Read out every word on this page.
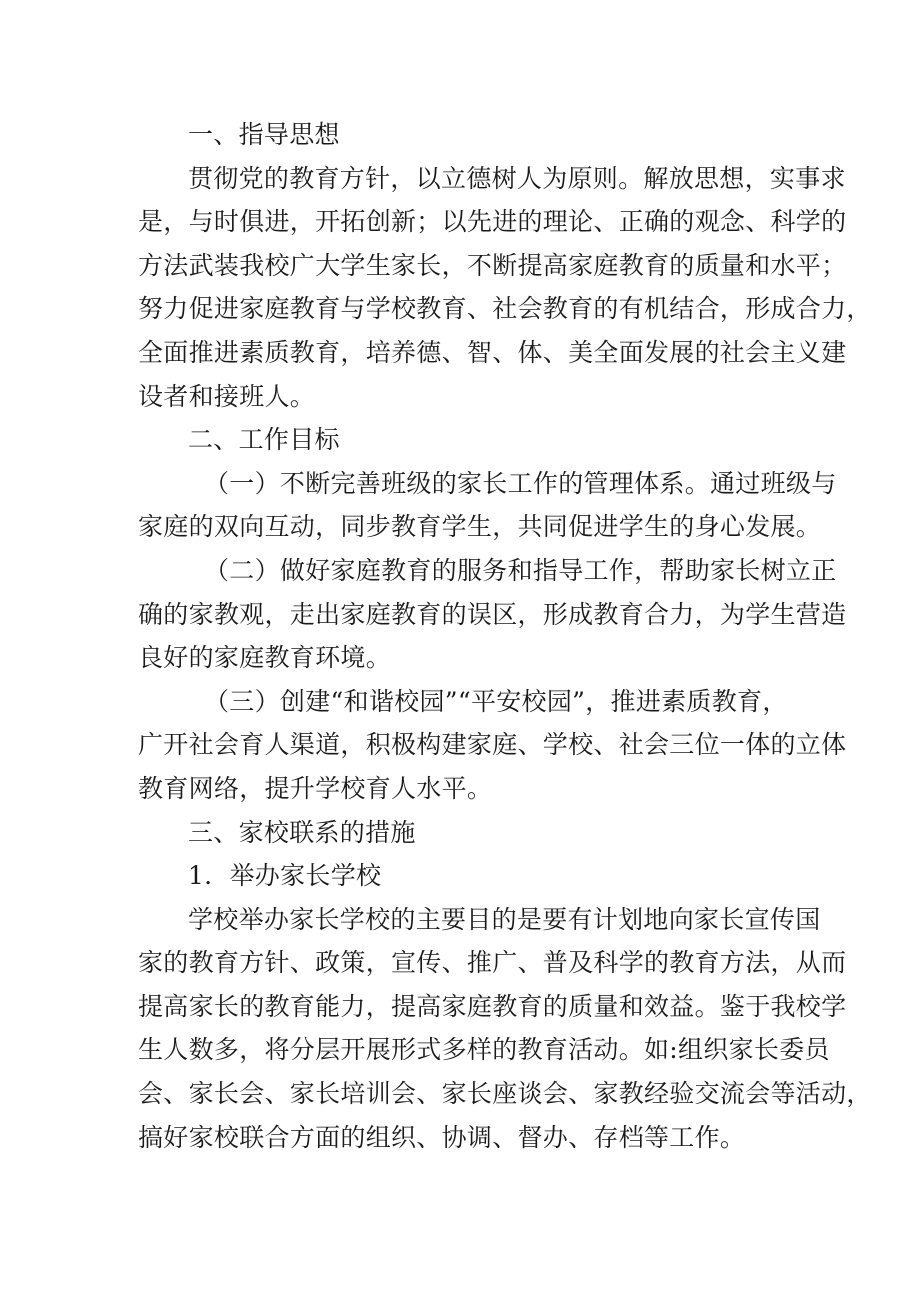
一、指导思想
贯彻党的教育方针，以立德树人为原则。解放思想，实事求
是，与时俱进，开拓创新；以先进的理论、正确的观念、科学的
方法武装我校广大学生家长，不断提高家庭教育的质量和水平；
努力促进家庭教育与学校教育、社会教育的有机结合，形成合力，
全面推进素质教育，培养德、智、体、美全面发展的社会主义建
设者和接班人。
二、工作目标
（一）不断完善班级的家长工作的管理体系。通过班级与
家庭的双向互动，同步教育学生，共同促进学生的身心发展。
（二）做好家庭教育的服务和指导工作，帮助家长树立正
确的家教观，走出家庭教育的误区，形成教育合力，为学生营造
良好的家庭教育环境。
（三）创建“和谐校园”“平安校园”，推进素质教育，
广开社会育人渠道，积极构建家庭、学校、社会三位一体的立体
教育网络，提升学校育人水平。
三、家校联系的措施
1．举办家长学校
学校举办家长学校的主要目的是要有计划地向家长宣传国
家的教育方针、政策，宣传、推广、普及科学的教育方法，从而
提高家长的教育能力，提高家庭教育的质量和效益。鉴于我校学
生人数多，将分层开展形式多样的教育活动。如:组织家长委员
会、家长会、家长培训会、家长座谈会、家教经验交流会等活动，
搞好家校联合方面的组织、协调、督办、存档等工作。
